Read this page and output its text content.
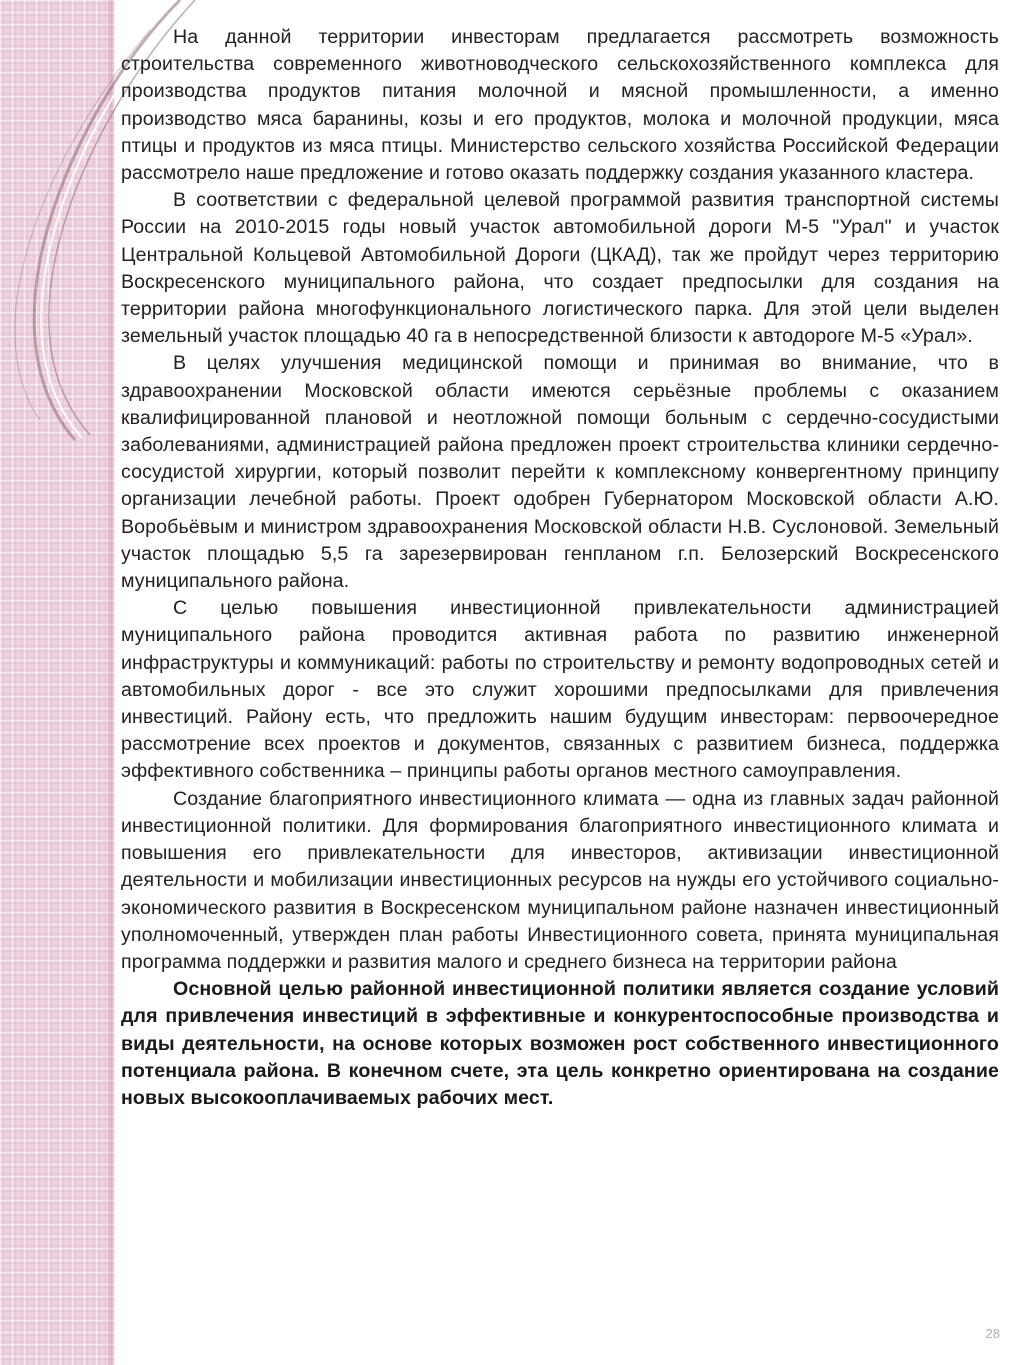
На данной территории инвесторам предлагается рассмотреть возможность строительства современного животноводческого сельскохозяйственного комплекса для производства продуктов питания молочной и мясной промышленности, а именно производство мяса баранины, козы и его продуктов, молока и молочной продукции, мяса птицы и продуктов из мяса птицы. Министерство сельского хозяйства Российской Федерации рассмотрело наше предложение и готово оказать поддержку создания указанного кластера.

В соответствии с федеральной целевой программой развития транспортной системы России на 2010-2015 годы новый участок автомобильной дороги М-5 "Урал" и участок Центральной Кольцевой Автомобильной Дороги (ЦКАД), так же пройдут через территорию Воскресенского муниципального района, что создает предпосылки для создания на территории района многофункционального логистического парка. Для этой цели выделен земельный участок площадью 40 га в непосредственной близости к автодороге М-5 «Урал».

В целях улучшения медицинской помощи и принимая во внимание, что в здравоохранении Московской области имеются серьёзные проблемы с оказанием квалифицированной плановой и неотложной помощи больным с сердечно-сосудистыми заболеваниями, администрацией района предложен проект строительства клиники сердечно-сосудистой хирургии, который позволит перейти к комплексному конвергентному принципу организации лечебной работы. Проект одобрен Губернатором Московской области А.Ю. Воробьёвым и министром здравоохранения Московской области Н.В. Суслоновой. Земельный участок площадью 5,5 га зарезервирован генпланом г.п. Белозерский Воскресенского муниципального района.

С целью повышения инвестиционной привлекательности администрацией муниципального района проводится активная работа по развитию инженерной инфраструктуры и коммуникаций: работы по строительству и ремонту водопроводных сетей и автомобильных дорог - все это служит хорошими предпосылками для привлечения инвестиций. Району есть, что предложить нашим будущим инвесторам: первоочередное рассмотрение всех проектов и документов, связанных с развитием бизнеса, поддержка эффективного собственника – принципы работы органов местного самоуправления.

Создание благоприятного инвестиционного климата — одна из главных задач районной инвестиционной политики. Для формирования благоприятного инвестиционного климата и повышения его привлекательности для инвесторов, активизации инвестиционной деятельности и мобилизации инвестиционных ресурсов на нужды его устойчивого социально-экономического развития в Воскресенском муниципальном районе назначен инвестиционный уполномоченный, утвержден план работы Инвестиционного совета, принята муниципальная программа поддержки и развития малого и среднего бизнеса на территории района

Основной целью районной инвестиционной политики является создание условий для привлечения инвестиций в эффективные и конкурентоспособные производства и виды деятельности, на основе которых возможен рост собственного инвестиционного потенциала района. В конечном счете, эта цель конкретно ориентирована на создание новых высокооплачиваемых рабочих мест.

28
